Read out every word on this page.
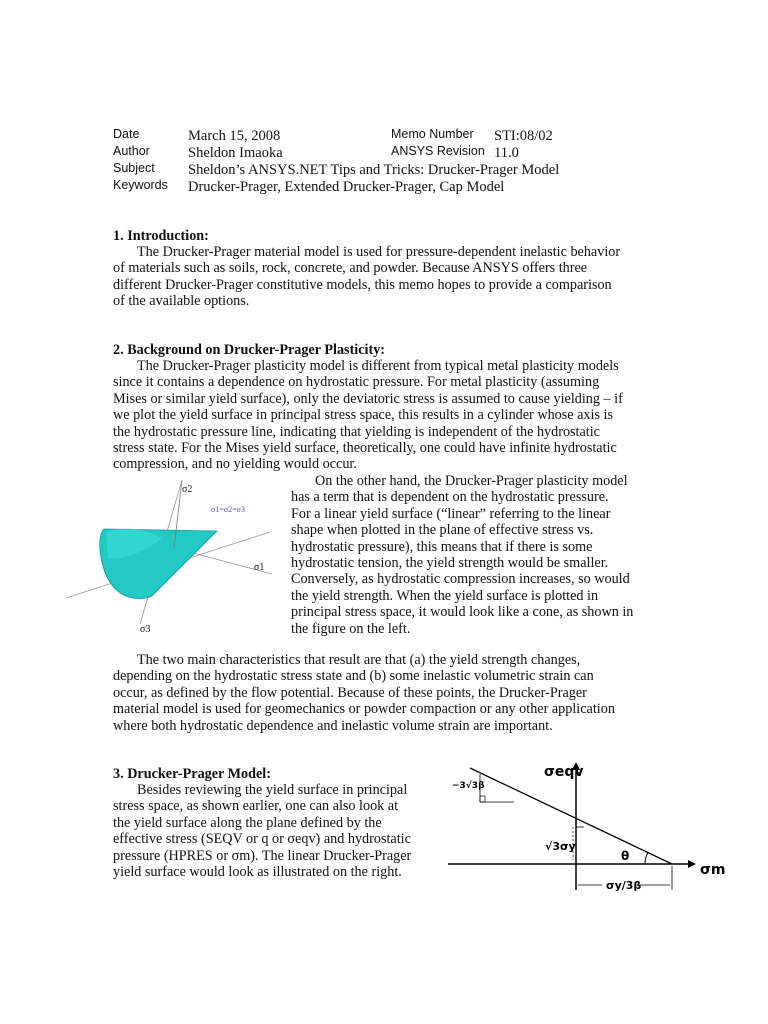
Date	March 15, 2008	Memo Number STI:08/02
Author	Sheldon Imaoka	ANSYS Revision 11.0
Subject Sheldon’s ANSYS.NET Tips and Tricks: Drucker-Prager Model
Keywords Drucker-Prager, Extended Drucker-Prager, Cap Model
1. Introduction:
The Drucker-Prager material model is used for pressure-dependent inelastic behavior
of materials such as soils, rock, concrete, and powder. Because ANSYS offers three
different Drucker-Prager constitutive models, this memo hopes to provide a comparison
of the available options.
2. Background on Drucker-Prager Plasticity:
The Drucker-Prager plasticity model is different from typical metal plasticity models
since it contains a dependence on hydrostatic pressure. For metal plasticity (assuming
Mises or similar yield surface), only the deviatoric stress is assumed to cause yielding – if
we plot the yield surface in principal stress space, this results in a cylinder whose axis is
the hydrostatic pressure line, indicating that yielding is independent of the hydrostatic
stress state. For the Mises yield surface, theoretically, one could have infinite hydrostatic
compression, and no yielding would occur.
On the other hand, the Drucker-Prager plasticity model
has a term that is dependent on the hydrostatic pressure.
For a linear yield surface (“linear” referring to the linear
shape when plotted in the plane of effective stress vs.
hydrostatic pressure), this means that if there is some
hydrostatic tension, the yield strength would be smaller.
Conversely, as hydrostatic compression increases, so would
the yield strength. When the yield surface is plotted in
principal stress space, it would look like a cone, as shown in
the figure on the left.
σ2
σ1=σ2=σ3
σ1
σ3
The two main characteristics that result are that (a) the yield strength changes,
depending on the hydrostatic stress state and (b) some inelastic volumetric strain can
occur, as defined by the flow potential. Because of these points, the Drucker-Prager
material model is used for geomechanics or powder compaction or any other application
where both hydrostatic dependence and inelastic volume strain are important.
3. Drucker-Prager Model:
Besides reviewing the yield surface in principal
stress space, as shown earlier, one can also look at
the yield surface along the plane defined by the
effective stress (SEQV or q or σeqv) and hydrostatic
pressure (HPRES or σm). The linear Drucker-Prager
yield surface would look as illustrated on the right.
−3√3β
√3σy
θ
σy/3β
σeqv
σm
